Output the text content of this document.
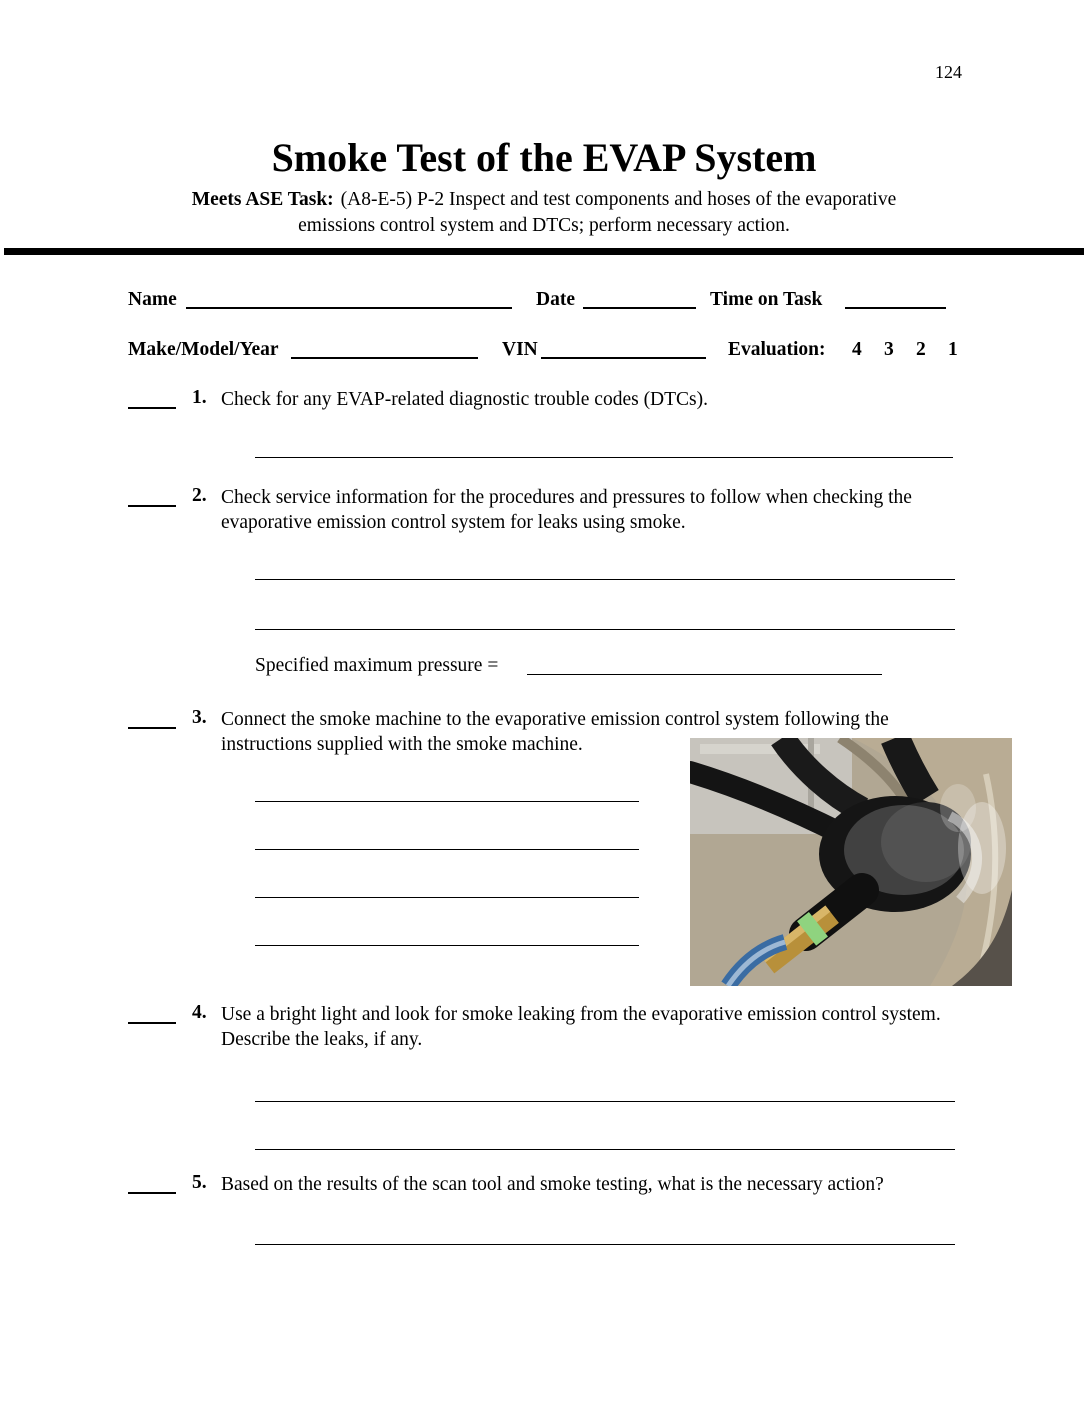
124
Smoke Test of the EVAP System
Meets ASE Task: (A8-E-5) P-2 Inspect and test components and hoses of the evaporative
emissions control system and DTCs; perform necessary action.
Name	Date	Time on Task
Make/Model/Year	VIN	Evaluation: 4 3 2 1
1. Check for any EVAP-related diagnostic trouble codes (DTCs).
2. Check service information for the procedures and pressures to follow when checking the evaporative emission control system for leaks using smoke.
Specified maximum pressure =
3. Connect the smoke machine to the evaporative emission control system following the instructions supplied with the smoke machine.
4. Use a bright light and look for smoke leaking from the evaporative emission control system.  Describe the leaks, if any.
5. Based on the results of the scan tool and smoke testing, what is the necessary action?
